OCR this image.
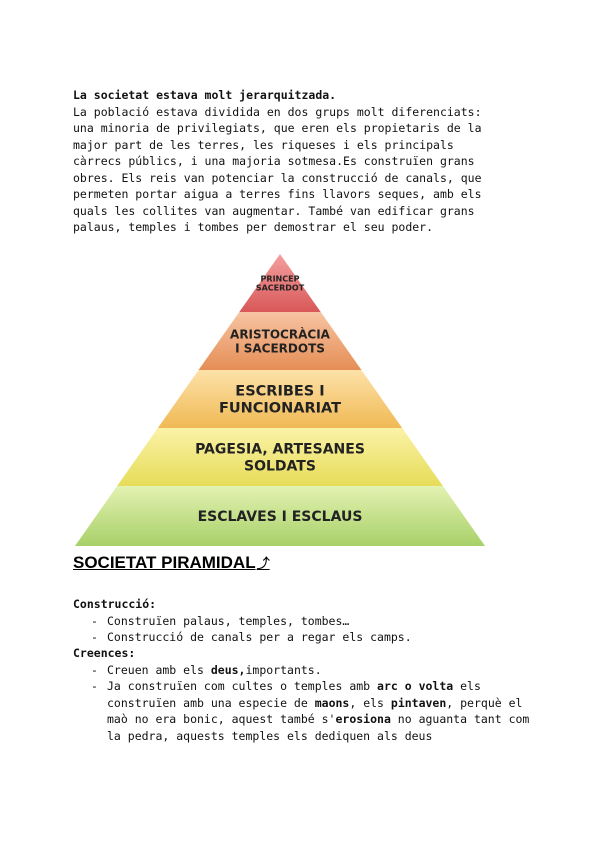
La societat estava molt jerarquitzada.

La població estava dividida en dos grups molt diferenciats:

una minoria de privilegiats, que eren els propietaris de la

major part de les terres, les riqueses i els principals

càrrecs públics, i una majoria sotmesa.Es construïen grans

obres. Els reis van potenciar la construcció de canals, que

permeten portar aigua a terres fins llavors seques, amb els

quals les collites van augmentar. També van edificar grans

palaus, temples i tombes per demostrar el seu poder.

PRINCEP
SACERDOT
ARISTOCRÀCIA
I SACERDOTS
ESCRIBES I
FUNCIONARIAT
PAGESIA, ARTESANES
SOLDATS
ESCLAVES I ESCLAUS
SOCIETAT PIRAMIDAL⤴

Construcció:

- Construïen palaus, temples, tombes…
- Construcció de canals per a regar els camps.

Creences:

- Creuen amb els deus,importants.
- Ja construïen com cultes o temples amb arc o volta els construïen amb una especie de maons, els pintaven, perquè el maò no era bonic, aquest també s'erosiona no aguanta tant com la pedra, aquests temples els dediquen als deus
